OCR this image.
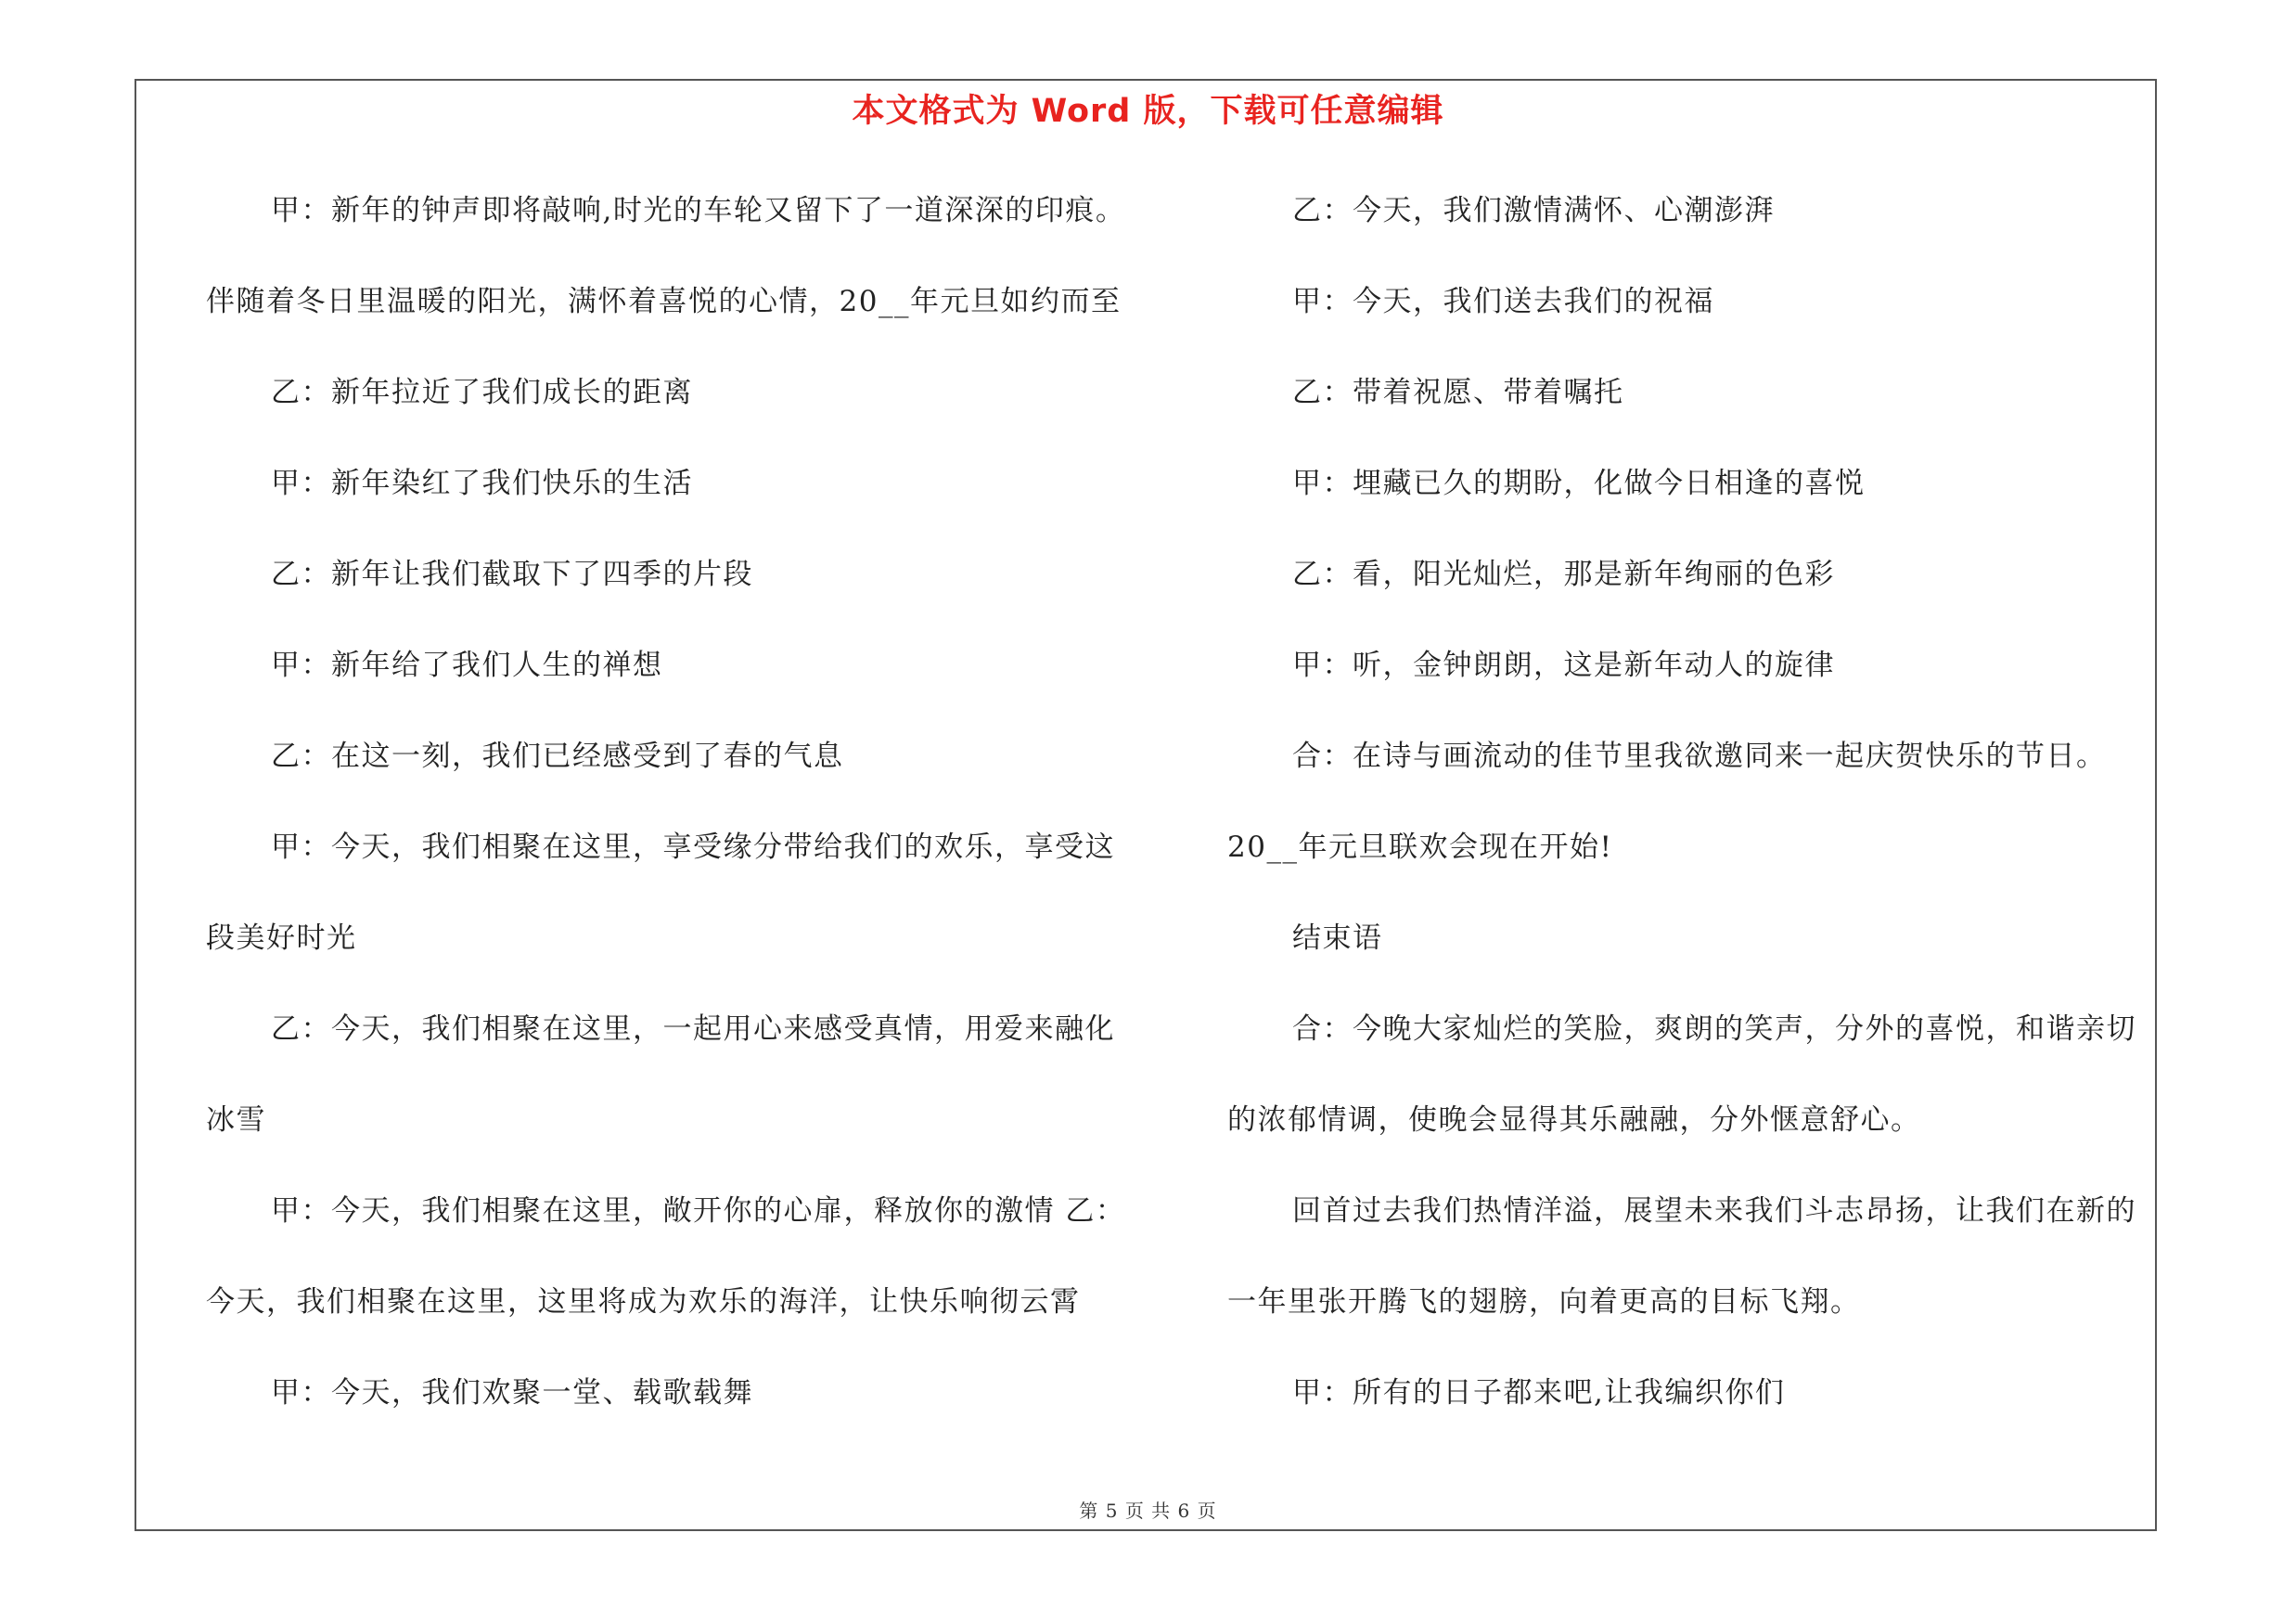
本文格式为 Word 版，下载可任意编辑
甲：新年的钟声即将敲响,时光的车轮又留下了一道深深的印痕。
伴随着冬日里温暖的阳光，满怀着喜悦的心情，20__年元旦如约而至
乙：新年拉近了我们成长的距离
甲：新年染红了我们快乐的生活
乙：新年让我们截取下了四季的片段
甲：新年给了我们人生的禅想
乙：在这一刻，我们已经感受到了春的气息
甲：今天，我们相聚在这里，享受缘分带给我们的欢乐，享受这
段美好时光
乙：今天，我们相聚在这里，一起用心来感受真情，用爱来融化
冰雪
甲：今天，我们相聚在这里，敞开你的心扉，释放你的激情 乙：
今天，我们相聚在这里，这里将成为欢乐的海洋，让快乐响彻云霄
甲：今天，我们欢聚一堂、载歌载舞
乙：今天，我们激情满怀、心潮澎湃
甲：今天，我们送去我们的祝福
乙：带着祝愿、带着嘱托
甲：埋藏已久的期盼，化做今日相逢的喜悦
乙：看，阳光灿烂，那是新年绚丽的色彩
甲：听，金钟朗朗，这是新年动人的旋律
合：在诗与画流动的佳节里我欲邀同来一起庆贺快乐的节日。
20__年元旦联欢会现在开始!
结束语
合：今晚大家灿烂的笑脸，爽朗的笑声，分外的喜悦，和谐亲切
的浓郁情调，使晚会显得其乐融融，分外惬意舒心。
回首过去我们热情洋溢，展望未来我们斗志昂扬，让我们在新的
一年里张开腾飞的翅膀，向着更高的目标飞翔。
甲：所有的日子都来吧,让我编织你们
第 5 页 共 6 页
